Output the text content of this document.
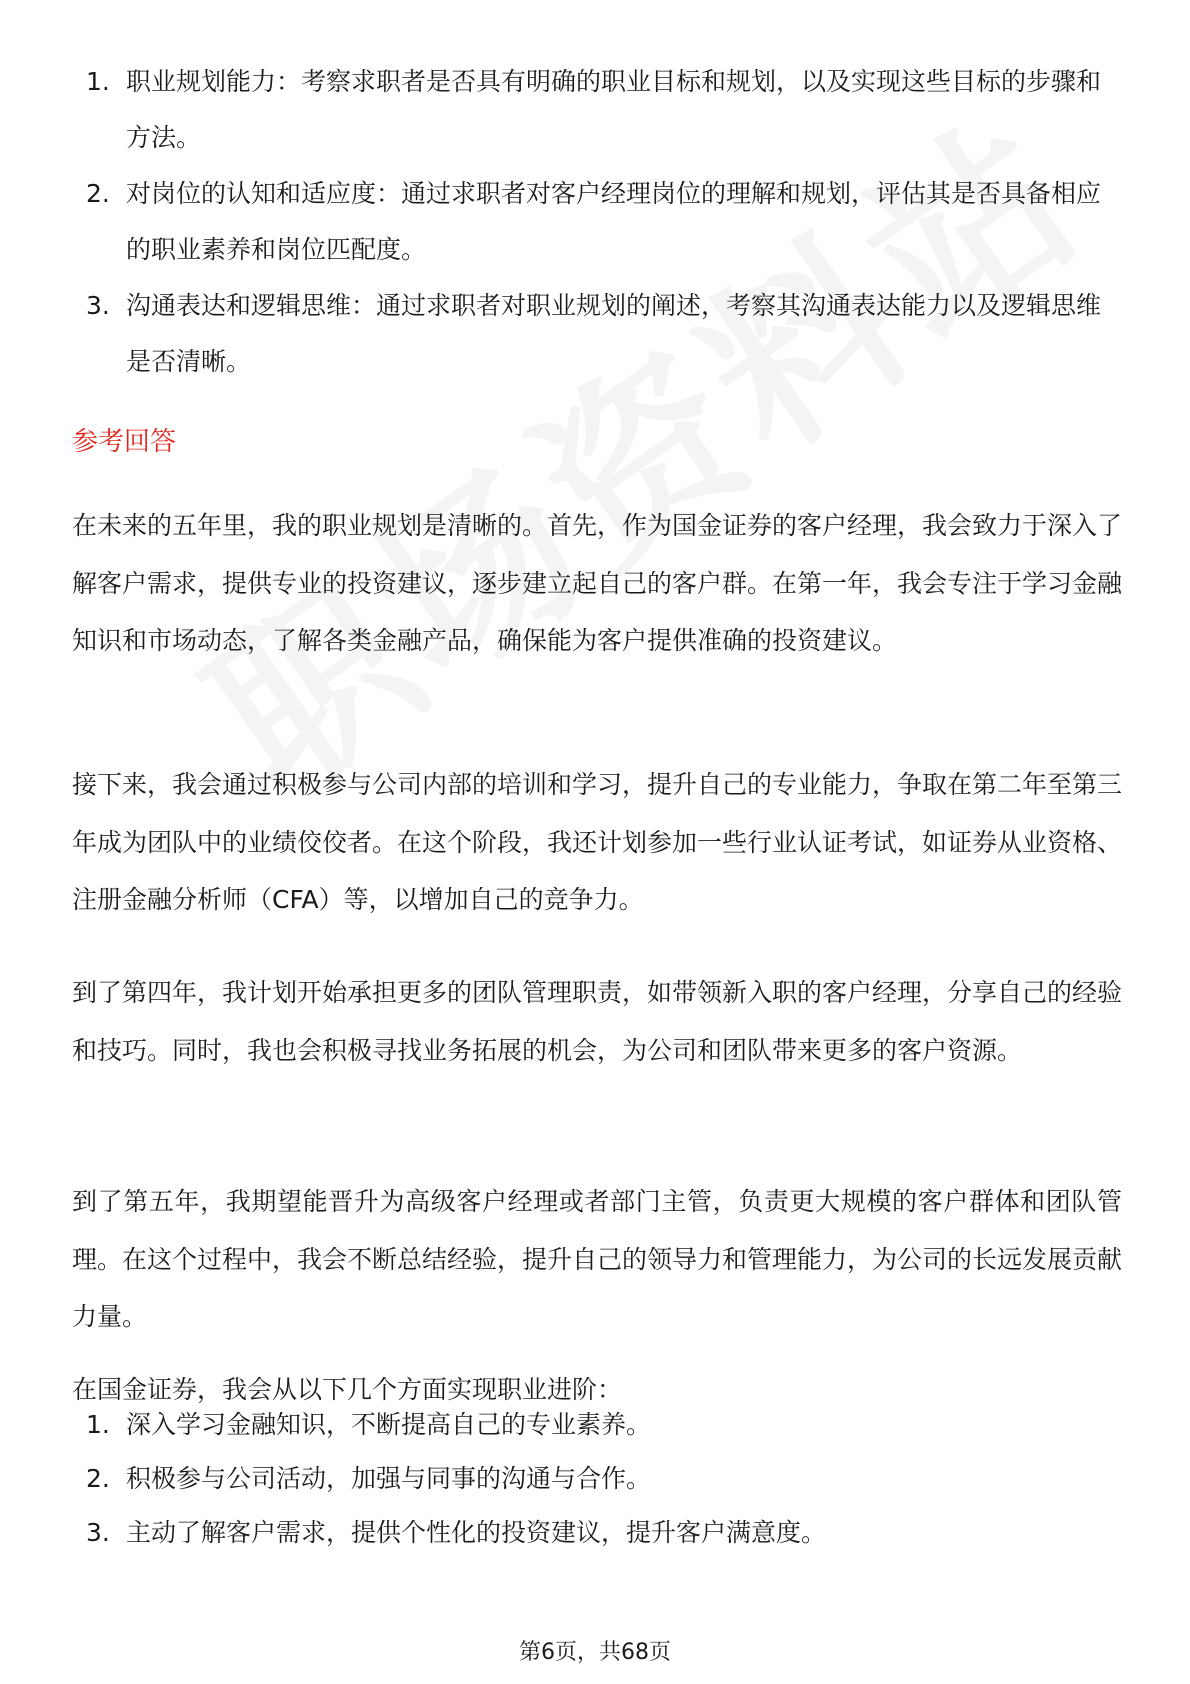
1. 职业规划能力：考察求职者是否具有明确的职业目标和规划，以及实现这些目标的步骤和方法。
2. 对岗位的认知和适应度：通过求职者对客户经理岗位的理解和规划，评估其是否具备相应的职业素养和岗位匹配度。
3. 沟通表达和逻辑思维：通过求职者对职业规划的阐述，考察其沟通表达能力以及逻辑思维是否清晰。
参考回答

在未来的五年里，我的职业规划是清晰的。首先，作为国金证券的客户经理，我会致力于深入了解客户需求，提供专业的投资建议，逐步建立起自己的客户群。在第一年，我会专注于学习金融知识和市场动态，了解各类金融产品，确保能为客户提供准确的投资建议。

接下来，我会通过积极参与公司内部的培训和学习，提升自己的专业能力，争取在第二年至第三年成为团队中的业绩佼佼者。在这个阶段，我还计划参加一些行业认证考试，如证券从业资格、注册金融分析师（CFA）等，以增加自己的竞争力。

到了第四年，我计划开始承担更多的团队管理职责，如带领新入职的客户经理，分享自己的经验和技巧。同时，我也会积极寻找业务拓展的机会，为公司和团队带来更多的客户资源。

到了第五年，我期望能晋升为高级客户经理或者部门主管，负责更大规模的客户群体和团队管理。在这个过程中，我会不断总结经验，提升自己的领导力和管理能力，为公司的长远发展贡献力量。

在国金证券，我会从以下几个方面实现职业进阶：

1. 深入学习金融知识，不断提高自己的专业素养。
2. 积极参与公司活动，加强与同事的沟通与合作。
3. 主动了解客户需求，提供个性化的投资建议，提升客户满意度。
第6页，共68页
